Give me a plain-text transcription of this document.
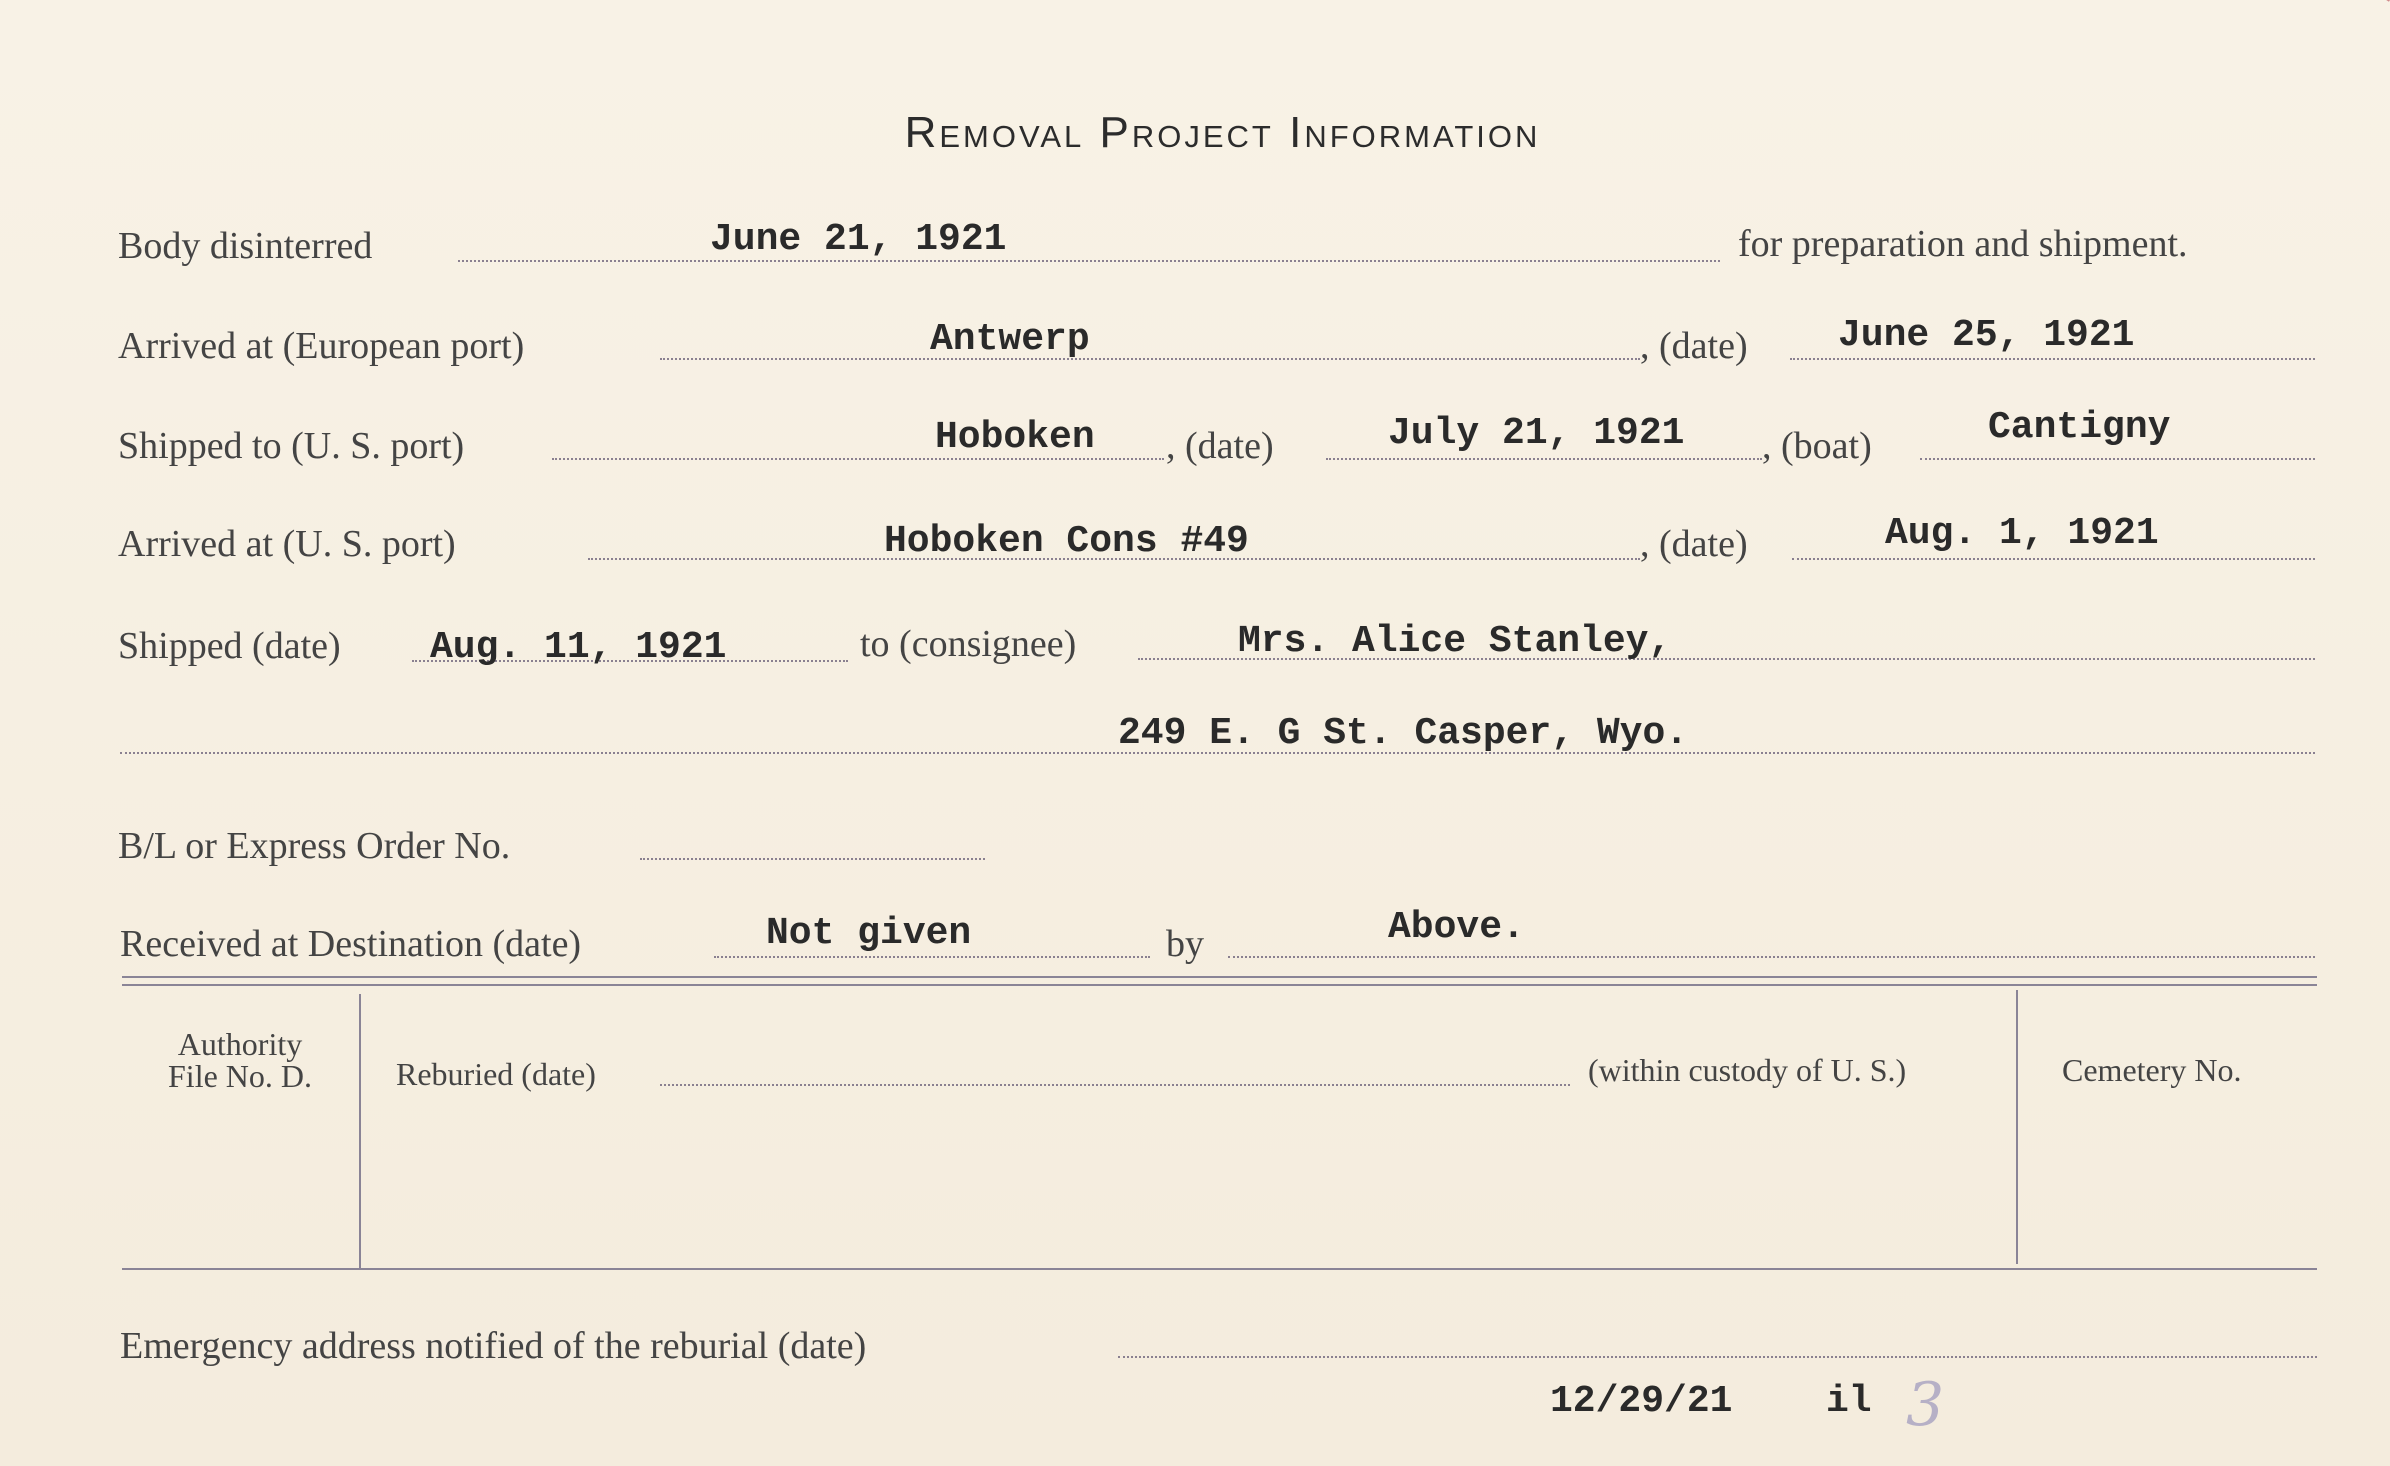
Removal Project Information
Body disinterred	June 21, 1921	for preparation and shipment.
Arrived at (European port)	Antwerp	, (date) June 25, 1921
Shipped to (U. S. port)	Hoboken , (date)	July 21, 1921 , (boat)	Cantigny
Arrived at (U. S. port)	Hoboken Cons #49	, (date)	Aug. 1, 1921
Shipped (date) Aug. 11, 1921	to (consignee)	Mrs. Alice Stanley,
249 E. G St. Casper, Wyo.
B/L or Express Order No.
Received at Destination (date)	Not given	by	Above.
Authority
File No. D.	Reburied (date)	(within custody of U. S.)	Cemetery No.
Emergency address notified of the reburial (date)
12/29/21 il 3
